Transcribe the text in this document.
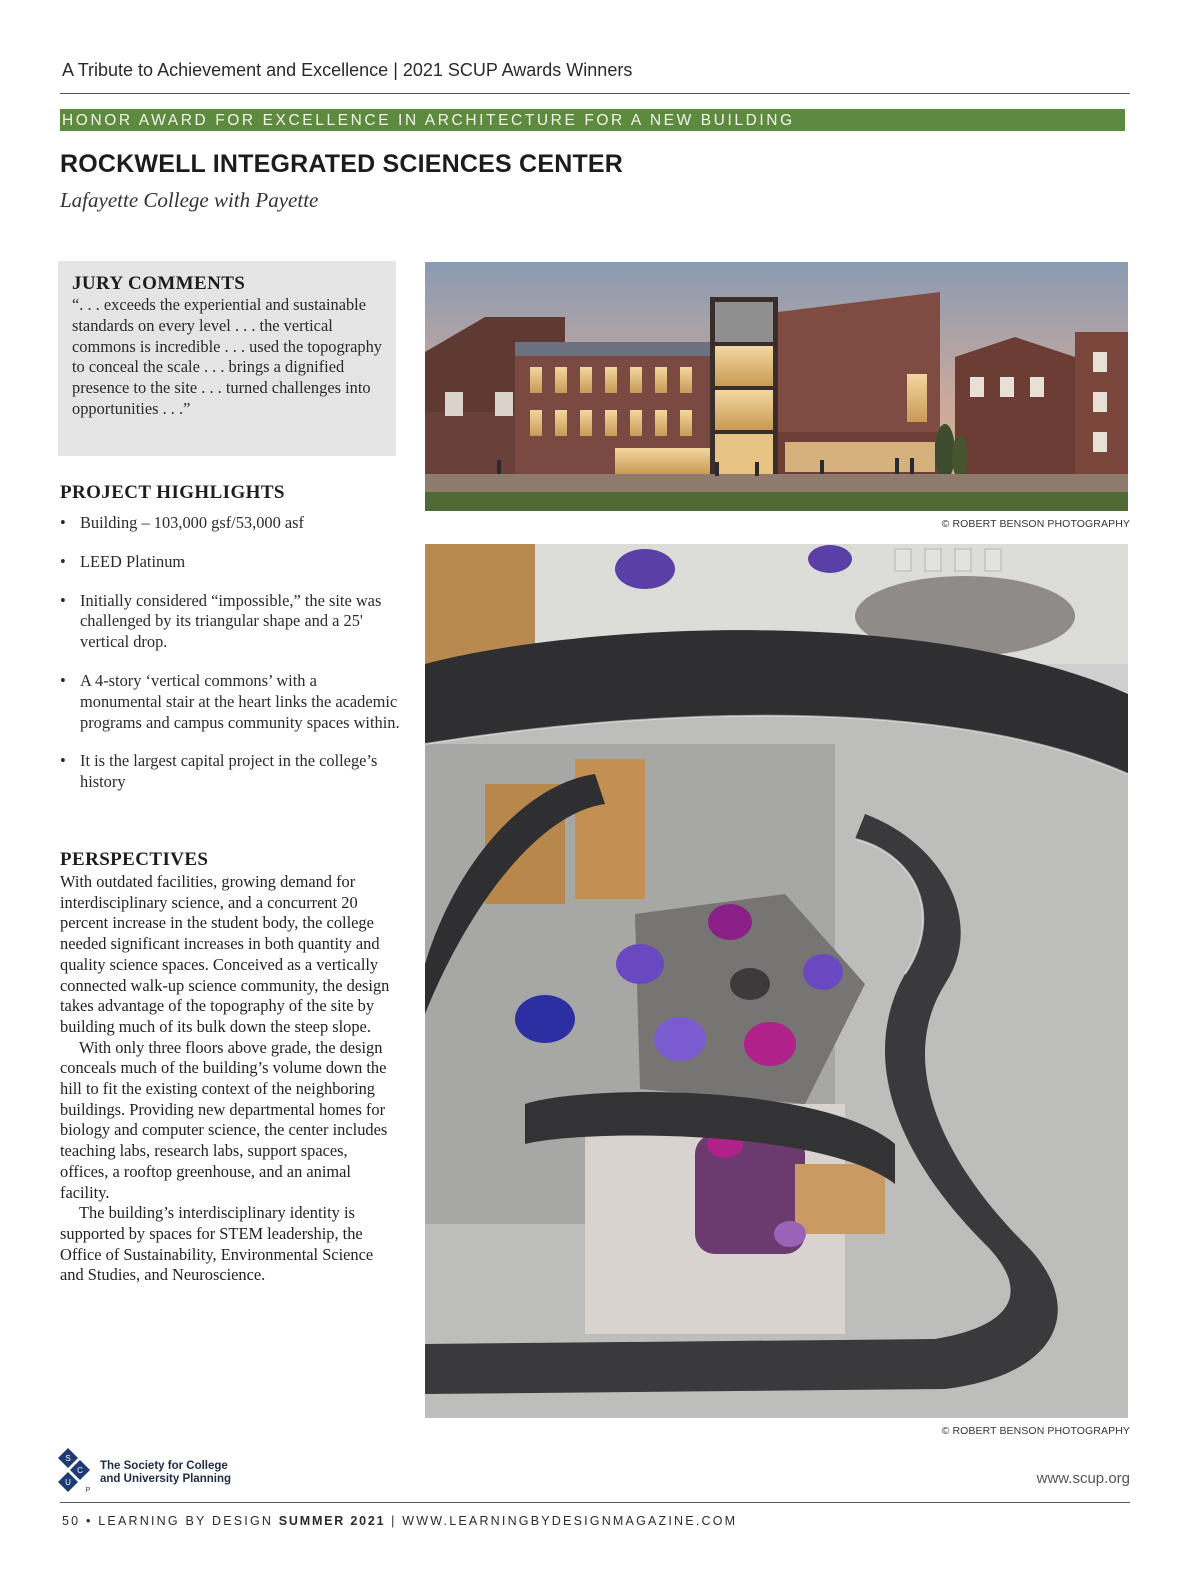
A Tribute to Achievement and Excellence | 2021 SCUP Awards Winners
HONOR AWARD FOR EXCELLENCE IN ARCHITECTURE FOR A NEW BUILDING
ROCKWELL INTEGRATED SCIENCES CENTER
Lafayette College with Payette
JURY COMMENTS
“. . . exceeds the experiential and sustainable standards on every level . . . the vertical commons is incredible . . . used the topography to conceal the scale . . . brings a dignified presence to the site . . . turned challenges into opportunities . . .”
PROJECT HIGHLIGHTS
• Building – 103,000 gsf/53,000 asf
• LEED Platinum
• Initially considered “impossible,” the site was challenged by its triangular shape and a 25' vertical drop.
• A 4-story ‘vertical commons’ with a monumental stair at the heart links the academic programs and campus community spaces within.
• It is the largest capital project in the college’s history
PERSPECTIVES

With outdated facilities, growing demand for interdisciplinary science, and a concurrent 20 percent increase in the student body, the college needed significant increases in both quantity and quality science spaces. Conceived as a vertically connected walk-up science community, the design takes advantage of the topography of the site by building much of its bulk down the steep slope.

With only three floors above grade, the design conceals much of the building’s volume down the hill to fit the existing context of the neighboring buildings. Providing new departmental homes for biology and computer science, the center includes teaching labs, research labs, support spaces, offices, a rooftop greenhouse, and an animal facility.

The building’s interdisciplinary identity is supported by spaces for STEM leadership, the Office of Sustainability, Environmental Science and Studies, and Neuroscience.

© ROBERT BENSON PHOTOGRAPHY
© ROBERT BENSON PHOTOGRAPHY
S
C
U
P
The Society for College
and University Planning	www.scup.org
50 • LEARNING BY DESIGN SUMMER 2021 | WWW.LEARNINGBYDESIGNMAGAZINE.COM
